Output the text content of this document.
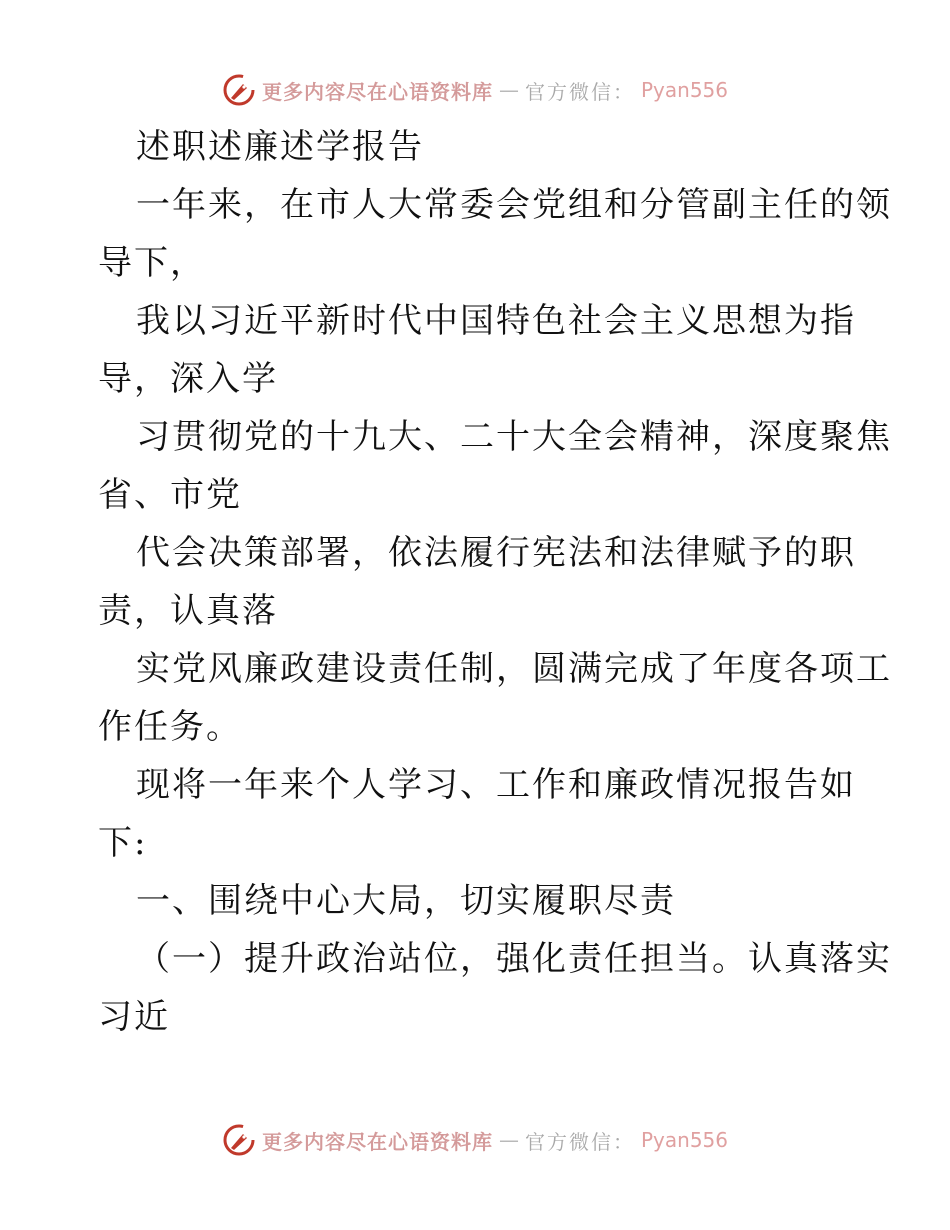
更多内容尽在心语资料库 — 官方微信： Pyan556
述职述廉述学报告
一年来，在市人大常委会党组和分管副主任的领
导下，
我以习近平新时代中国特色社会主义思想为指
导，深入学
习贯彻党的十九大、二十大全会精神，深度聚焦
省、市党
代会决策部署，依法履行宪法和法律赋予的职
责，认真落
实党风廉政建设责任制，圆满完成了年度各项工
作任务。
现将一年来个人学习、工作和廉政情况报告如
下:
一、围绕中心大局，切实履职尽责
（一）提升政治站位，强化责任担当。认真落实
习近
更多内容尽在心语资料库 — 官方微信： Pyan556
